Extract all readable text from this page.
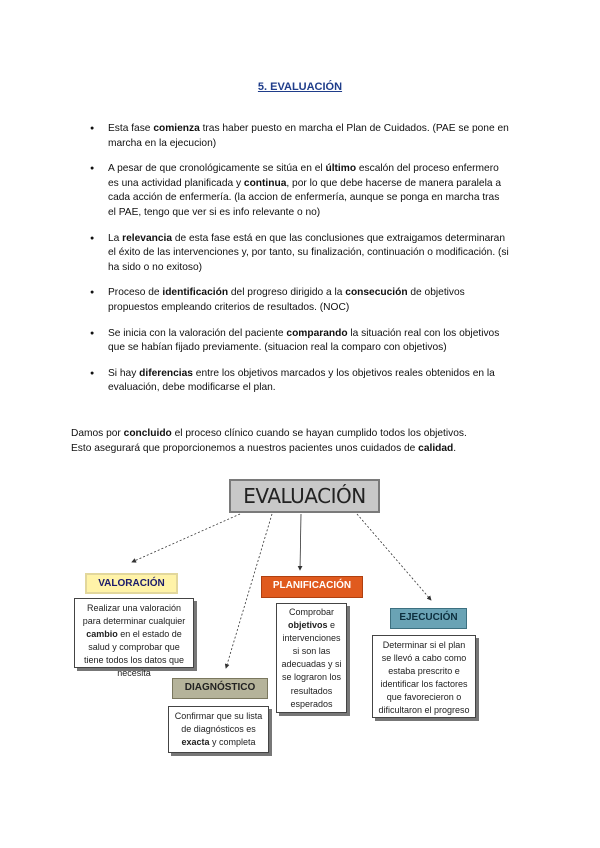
5. EVALUACIÓN
● Esta fase comienza tras haber puesto en marcha el Plan de Cuidados. (PAE se pone en marcha en la ejecucion)
● A pesar de que cronológicamente se sitúa en el último escalón del proceso enfermero es una actividad planificada y continua, por lo que debe hacerse de manera paralela a cada acción de enfermería. (la accion de enfermería, aunque se ponga en marcha tras el PAE, tengo que ver si es info relevante o no)
● La relevancia de esta fase está en que las conclusiones que extraigamos determinaran el éxito de las intervenciones y, por tanto, su finalización, continuación o modificación. (si ha sido o no exitoso)
● Proceso de identificación del progreso dirigido a la consecución de objetivos propuestos empleando criterios de resultados. (NOC)
● Se inicia con la valoración del paciente comparando la situación real con los objetivos que se habían fijado previamente. (situacion real la comparo con objetivos)
● Si hay diferencias entre los objetivos marcados y los objetivos reales obtenidos en la evaluación, debe modificarse el plan.

Damos por concluido el proceso clínico cuando se hayan cumplido todos los objetivos.

Esto asegurará que proporcionemos a nuestros pacientes unos cuidados de calidad.

EVALUACIÓN
VALORACIÓN
Realizar una valoración para determinar cualquier cambio en el estado de salud y comprobar que tiene todos los datos que necesita
PLANIFICACIÓN
Comprobar objetivos e intervenciones si son las adecuadas y si se lograron los resultados esperados
EJECUCIÓN
Determinar si el plan se llevó a cabo como estaba prescrito e identificar los factores que favorecieron o dificultaron el progreso
DIAGNÓSTICO
Confirmar que su lista de diagnósticos es exacta y completa
